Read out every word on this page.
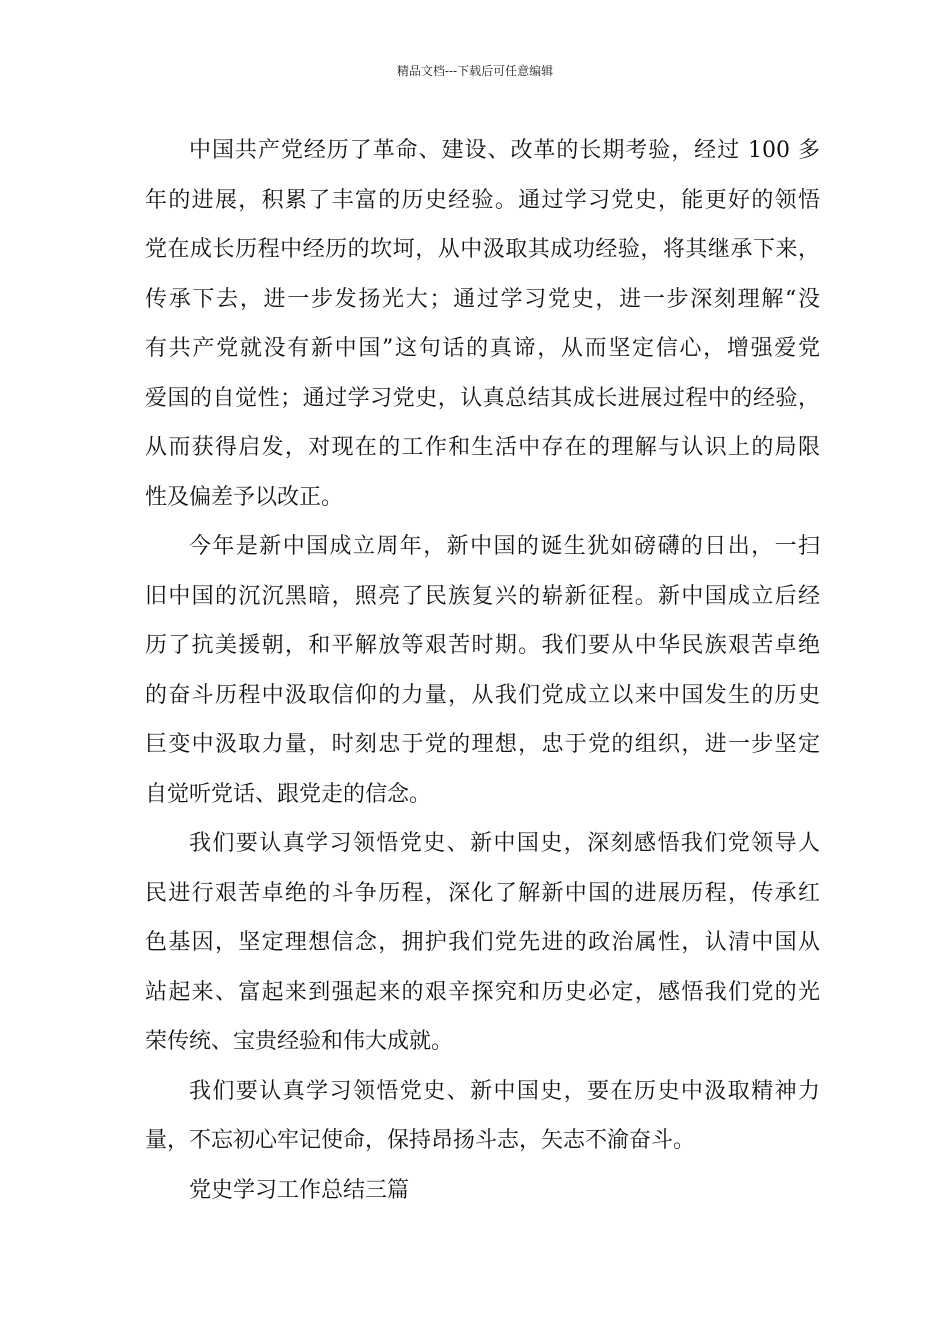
精品文档---下载后可任意编辑
中国共产党经历了革命、建设、改革的长期考验，经过 100 多
年的进展，积累了丰富的历史经验。通过学习党史，能更好的领悟
党在成长历程中经历的坎坷，从中汲取其成功经验，将其继承下来，
传承下去，进一步发扬光大；通过学习党史，进一步深刻理解“没
有共产党就没有新中国”这句话的真谛，从而坚定信心，增强爱党
爱国的自觉性；通过学习党史，认真总结其成长进展过程中的经验，
从而获得启发，对现在的工作和生活中存在的理解与认识上的局限
性及偏差予以改正。
今年是新中国成立周年，新中国的诞生犹如磅礴的日出，一扫
旧中国的沉沉黑暗，照亮了民族复兴的崭新征程。新中国成立后经
历了抗美援朝，和平解放等艰苦时期。我们要从中华民族艰苦卓绝
的奋斗历程中汲取信仰的力量，从我们党成立以来中国发生的历史
巨变中汲取力量，时刻忠于党的理想，忠于党的组织，进一步坚定
自觉听党话、跟党走的信念。
我们要认真学习领悟党史、新中国史，深刻感悟我们党领导人
民进行艰苦卓绝的斗争历程，深化了解新中国的进展历程，传承红
色基因，坚定理想信念，拥护我们党先进的政治属性，认清中国从
站起来、富起来到强起来的艰辛探究和历史必定，感悟我们党的光
荣传统、宝贵经验和伟大成就。
我们要认真学习领悟党史、新中国史，要在历史中汲取精神力
量，不忘初心牢记使命，保持昂扬斗志，矢志不渝奋斗。
党史学习工作总结三篇
